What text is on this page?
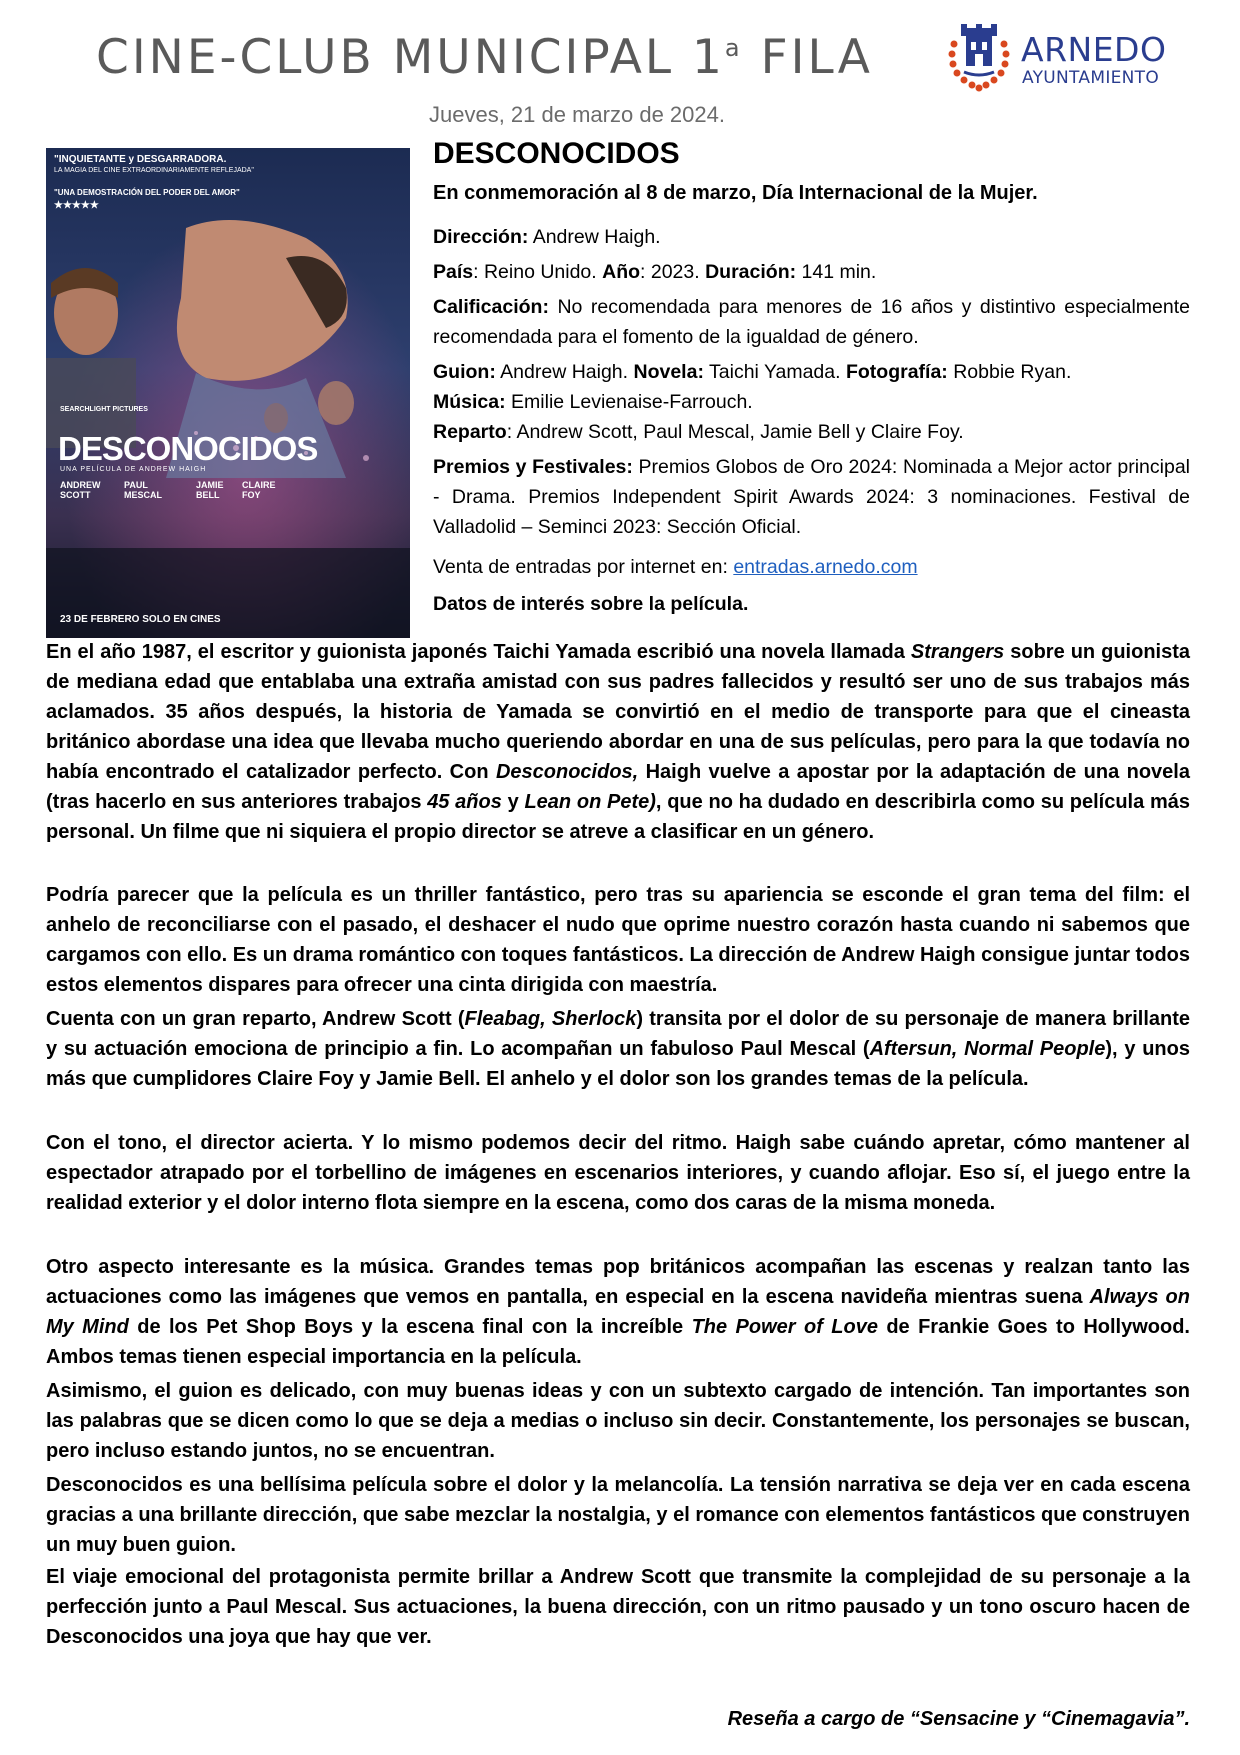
CINE-CLUB MUNICIPAL 1$^a$ FILA	ARNEDO
AYUNTAMIENTO
Jueves, 21 de marzo de 2024.
"INQUIETANTE y DESGARRADORA.
LA MAGIA DEL CINE EXTRAORDINARIAMENTE REFLEJADA"
"UNA DEMOSTRACIÓN DEL PODER DEL AMOR"
★★★★★
SEARCHLIGHT PICTURES
DESCONOCIDOS
UNA PELÍCULA DE ANDREW HAIGH
ANDREW SCOTT
PAUL MESCAL
JAMIE BELL
CLAIRE FOY
23 DE FEBRERO SOLO EN CINES
DESCONOCIDOS
En conmemoración al 8 de marzo, Día Internacional de la Mujer.
Dirección: Andrew Haigh.
País: Reino Unido. Año: 2023. Duración: 141 min.
Calificación: No recomendada para menores de 16 años y distintivo especialmente recomendada para el fomento de la igualdad de género.
Guion: Andrew Haigh. Novela: Taichi Yamada. Fotografía: Robbie Ryan.
Música: Emilie Levienaise-Farrouch.
Reparto: Andrew Scott, Paul Mescal, Jamie Bell y Claire Foy.
Premios y Festivales: Premios Globos de Oro 2024: Nominada a Mejor actor principal - Drama. Premios Independent Spirit Awards 2024: 3 nominaciones. Festival de Valladolid – Seminci 2023: Sección Oficial.
Venta de entradas por internet en: entradas.arnedo.com
Datos de interés sobre la película.
En el año 1987, el escritor y guionista japonés Taichi Yamada escribió una novela llamada Strangers sobre un guionista de mediana edad que entablaba una extraña amistad con sus padres fallecidos y resultó ser uno de sus trabajos más aclamados. 35 años después, la historia de Yamada se convirtió en el medio de transporte para que el cineasta británico abordase una idea que llevaba mucho queriendo abordar en una de sus películas, pero para la que todavía no había encontrado el catalizador perfecto. Con Desconocidos, Haigh vuelve a apostar por la adaptación de una novela (tras hacerlo en sus anteriores trabajos 45 años y Lean on Pete), que no ha dudado en describirla como su película más personal. Un filme que ni siquiera el propio director se atreve a clasificar en un género.
Podría parecer que la película es un thriller fantástico, pero tras su apariencia se esconde el gran tema del film: el anhelo de reconciliarse con el pasado, el deshacer el nudo que oprime nuestro corazón hasta cuando ni sabemos que cargamos con ello. Es un drama romántico con toques fantásticos. La dirección de Andrew Haigh consigue juntar todos estos elementos dispares para ofrecer una cinta dirigida con maestría.
Cuenta con un gran reparto, Andrew Scott (Fleabag, Sherlock) transita por el dolor de su personaje de manera brillante y su actuación emociona de principio a fin. Lo acompañan un fabuloso Paul Mescal (Aftersun, Normal People), y unos más que cumplidores Claire Foy y Jamie Bell. El anhelo y el dolor son los grandes temas de la película.
Con el tono, el director acierta. Y lo mismo podemos decir del ritmo. Haigh sabe cuándo apretar, cómo mantener al espectador atrapado por el torbellino de imágenes en escenarios interiores, y cuando aflojar. Eso sí, el juego entre la realidad exterior y el dolor interno flota siempre en la escena, como dos caras de la misma moneda.
Otro aspecto interesante es la música. Grandes temas pop británicos acompañan las escenas y realzan tanto las actuaciones como las imágenes que vemos en pantalla, en especial en la escena navideña mientras suena Always on My Mind de los Pet Shop Boys y la escena final con la increíble The Power of Love de Frankie Goes to Hollywood. Ambos temas tienen especial importancia en la película.
Asimismo, el guion es delicado, con muy buenas ideas y con un subtexto cargado de intención. Tan importantes son las palabras que se dicen como lo que se deja a medias o incluso sin decir. Constantemente, los personajes se buscan, pero incluso estando juntos, no se encuentran.
Desconocidos es una bellísima película sobre el dolor y la melancolía. La tensión narrativa se deja ver en cada escena gracias a una brillante dirección, que sabe mezclar la nostalgia, y el romance con elementos fantásticos que construyen un muy buen guion.
El viaje emocional del protagonista permite brillar a Andrew Scott que transmite la complejidad de su personaje a la perfección junto a Paul Mescal. Sus actuaciones, la buena dirección, con un ritmo pausado y un tono oscuro hacen de Desconocidos una joya que hay que ver.
Reseña a cargo de “Sensacine y “Cinemagavia”.
